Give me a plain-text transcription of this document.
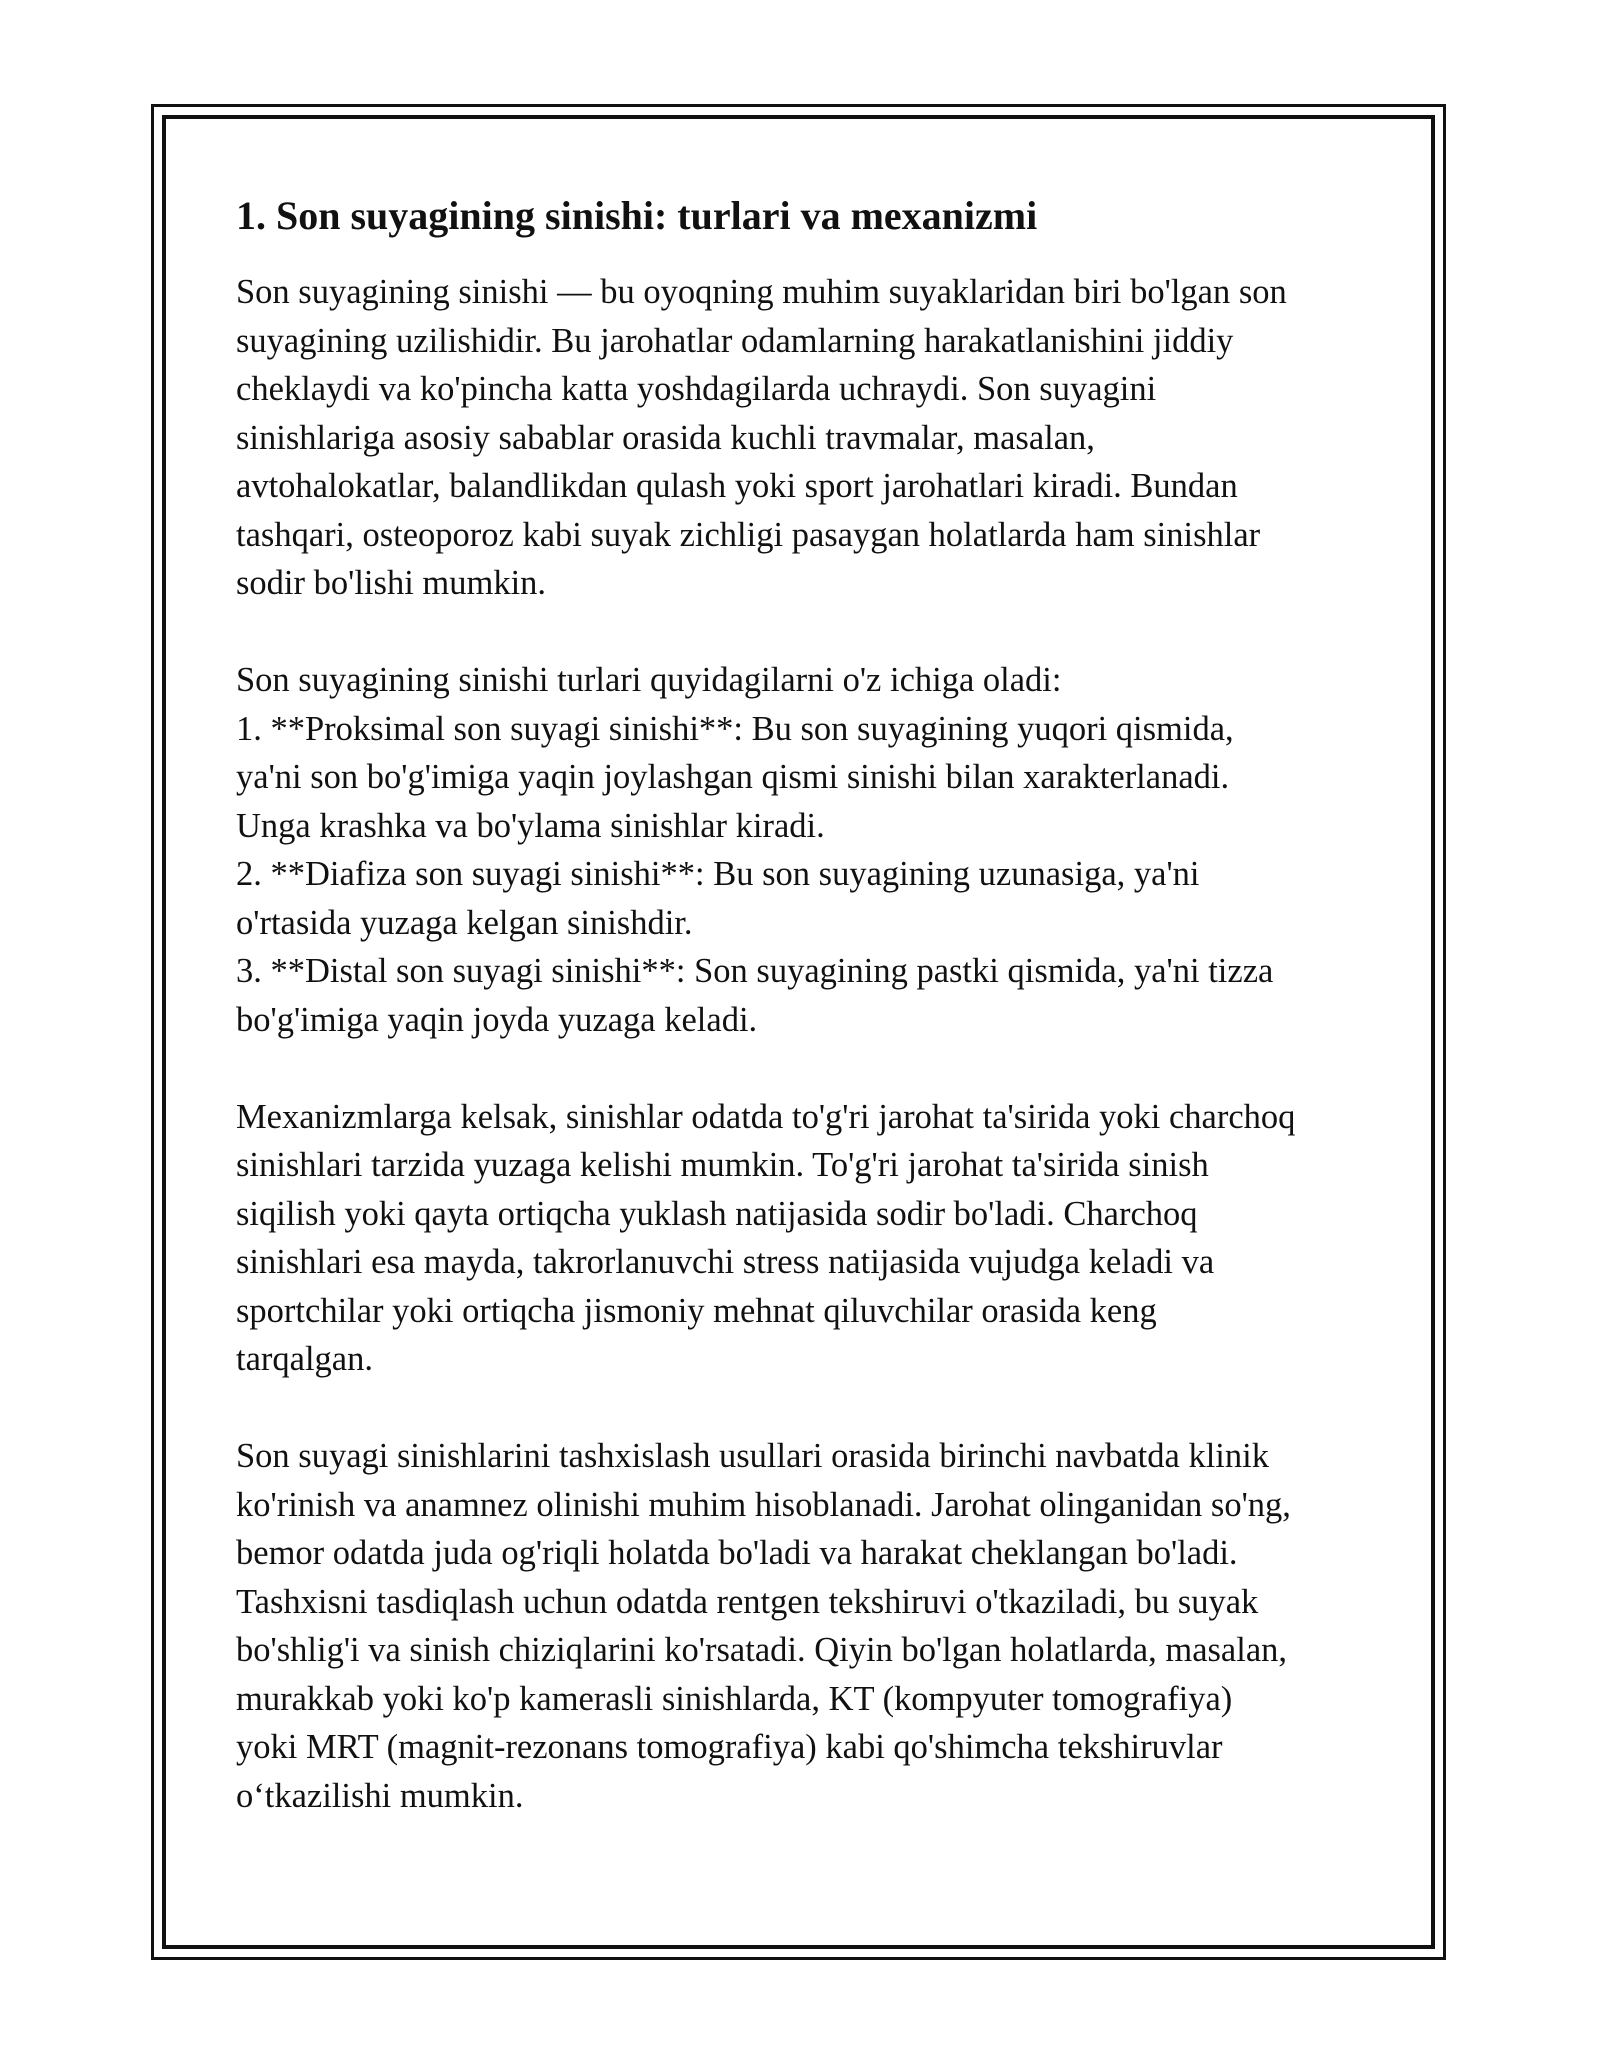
1. Son suyagining sinishi: turlari va mexanizmi

Son suyagining sinishi — bu oyoqning muhim suyaklaridan biri bo'lgan son
suyagining uzilishidir. Bu jarohatlar odamlarning harakatlanishini jiddiy
cheklaydi va ko'pincha katta yoshdagilarda uchraydi. Son suyagini
sinishlariga asosiy sabablar orasida kuchli travmalar, masalan,
avtohalokatlar, balandlikdan qulash yoki sport jarohatlari kiradi. Bundan
tashqari, osteoporoz kabi suyak zichligi pasaygan holatlarda ham sinishlar
sodir bo'lishi mumkin.

Son suyagining sinishi turlari quyidagilarni o'z ichiga oladi:
1. **Proksimal son suyagi sinishi**: Bu son suyagining yuqori qismida,
ya'ni son bo'g'imiga yaqin joylashgan qismi sinishi bilan xarakterlanadi.
Unga krashka va bo'ylama sinishlar kiradi.
2. **Diafiza son suyagi sinishi**: Bu son suyagining uzunasiga, ya'ni
o'rtasida yuzaga kelgan sinishdir.
3. **Distal son suyagi sinishi**: Son suyagining pastki qismida, ya'ni tizza
bo'g'imiga yaqin joyda yuzaga keladi.

Mexanizmlarga kelsak, sinishlar odatda to'g'ri jarohat ta'sirida yoki charchoq
sinishlari tarzida yuzaga kelishi mumkin. To'g'ri jarohat ta'sirida sinish
siqilish yoki qayta ortiqcha yuklash natijasida sodir bo'ladi. Charchoq
sinishlari esa mayda, takrorlanuvchi stress natijasida vujudga keladi va
sportchilar yoki ortiqcha jismoniy mehnat qiluvchilar orasida keng
tarqalgan.

Son suyagi sinishlarini tashxislash usullari orasida birinchi navbatda klinik
ko'rinish va anamnez olinishi muhim hisoblanadi. Jarohat olinganidan so'ng,
bemor odatda juda og'riqli holatda bo'ladi va harakat cheklangan bo'ladi.
Tashxisni tasdiqlash uchun odatda rentgen tekshiruvi o'tkaziladi, bu suyak
bo'shlig'i va sinish chiziqlarini ko'rsatadi. Qiyin bo'lgan holatlarda, masalan,
murakkab yoki ko'p kamerasli sinishlarda, KT (kompyuter tomografiya)
yoki MRT (magnit-rezonans tomografiya) kabi qo'shimcha tekshiruvlar
o‘tkazilishi mumkin.
